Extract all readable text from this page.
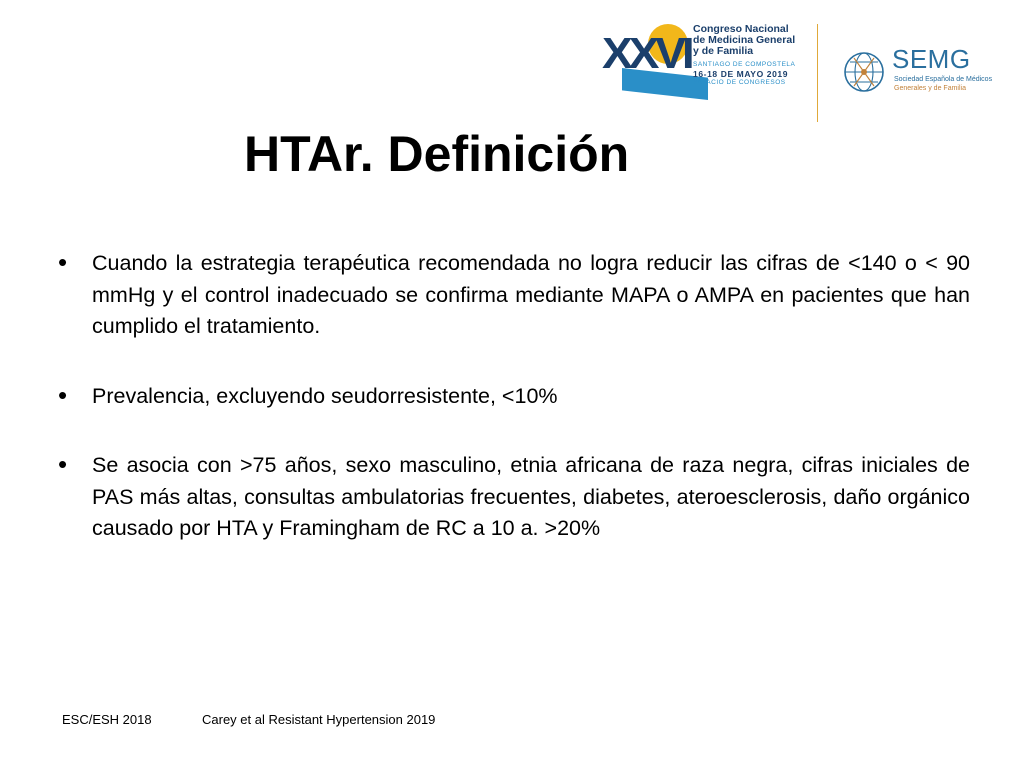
XXVI Congreso Nacional
de Medicina General
y de Familia
SANTIAGO DE COMPOSTELA
16-18 DE MAYO 2019
PALACIO DE CONGRESOS
SEMG
Sociedad Española de Médicos
Generales y de Familia
HTAr. Definición
• Cuando la estrategia terapéutica recomendada no logra reducir las cifras de <140 o < 90 mmHg y el control inadecuado se confirma mediante MAPA o AMPA en pacientes que han cumplido el tratamiento.
• Prevalencia, excluyendo seudorresistente, <10%
• Se asocia con >75 años, sexo masculino, etnia africana de raza negra, cifras iniciales de PAS más altas, consultas ambulatorias frecuentes, diabetes, ateroesclerosis, daño orgánico causado por HTA y Framingham de RC a 10 a. >20%
ESC/ESH 2018	Carey et al Resistant Hypertension 2019
